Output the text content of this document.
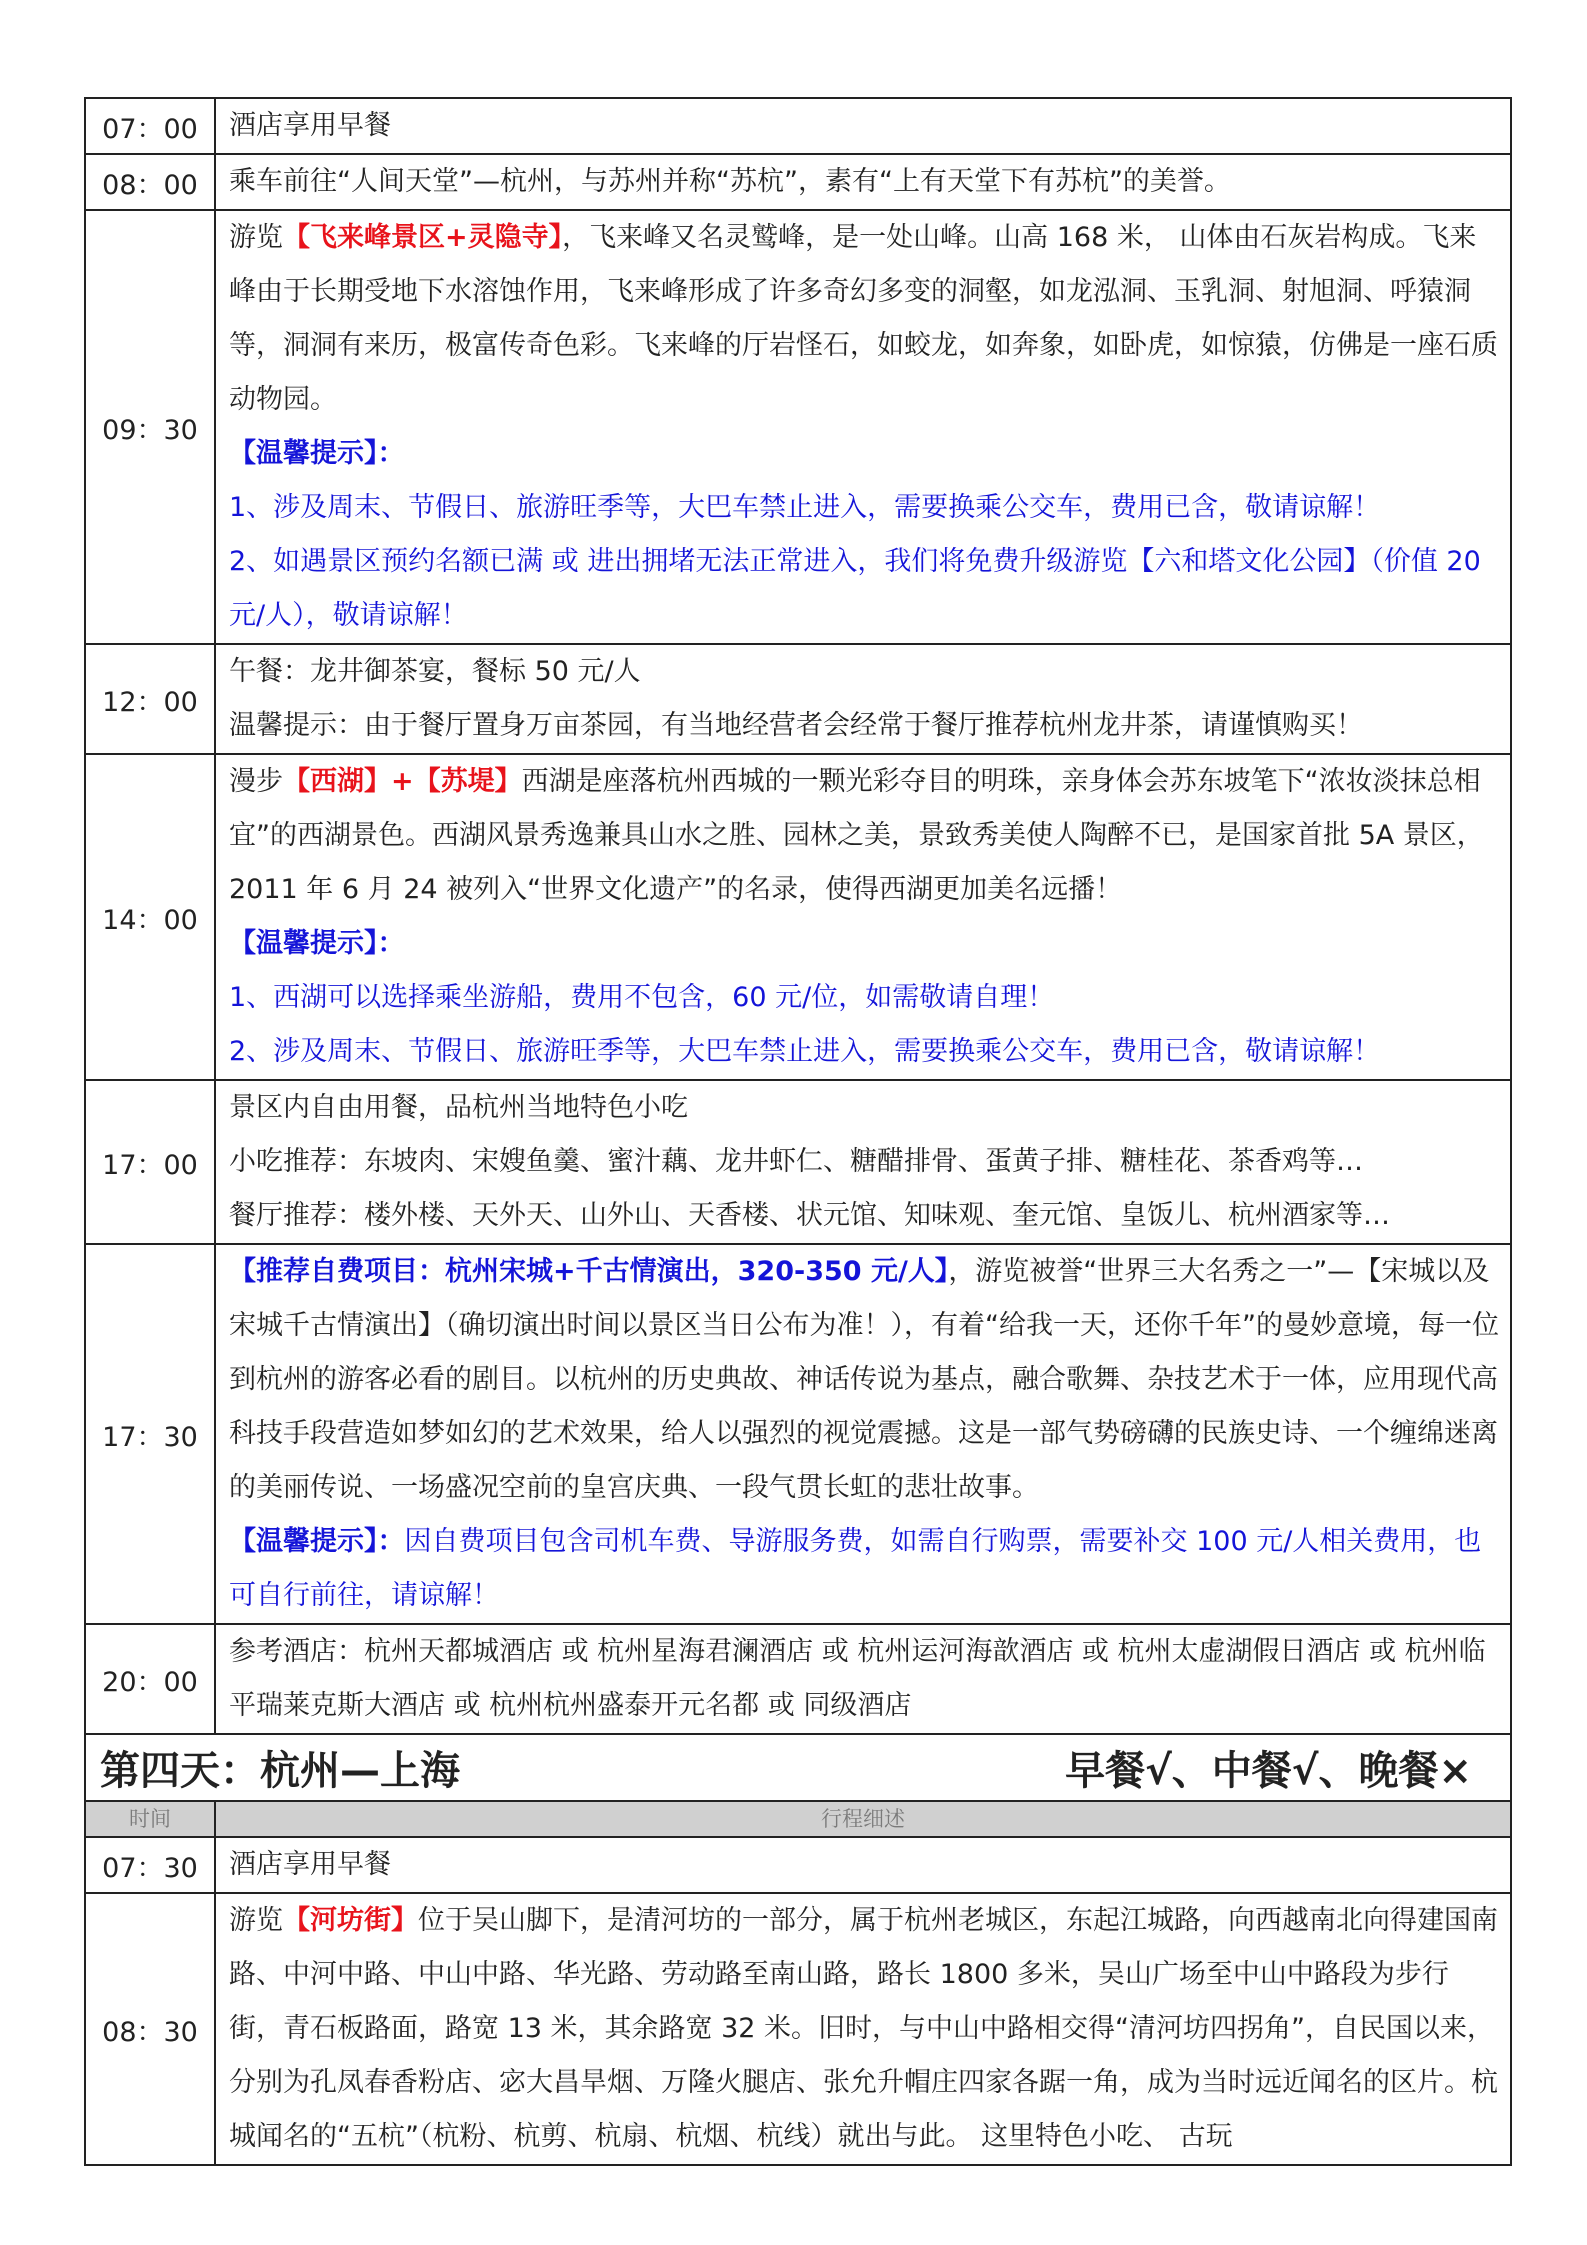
07：00	酒店享用早餐
08：00	乘车前往“人间天堂”—杭州，与苏州并称“苏杭”，素有“上有天堂下有苏杭”的美誉。
09：30	游览【飞来峰景区+灵隐寺】，飞来峰又名灵鹫峰，是一处山峰。山高 168 米， 山体由石灰岩构成。飞来峰由于长期受地下水溶蚀作用，飞来峰形成了许多奇幻多变的洞壑，如龙泓洞、玉乳洞、射旭洞、呼猿洞等，洞洞有来历，极富传奇色彩。飞来峰的厅岩怪石，如蛟龙，如奔象，如卧虎，如惊猿，仿佛是一座石质动物园。

【温馨提示】：

1、涉及周末、节假日、旅游旺季等，大巴车禁止进入，需要换乘公交车，费用已含，敬请谅解！

2、如遇景区预约名额已满 或 进出拥堵无法正常进入，我们将免费升级游览【六和塔文化公园】（价值 20 元/人），敬请谅解！

12：00	午餐：龙井御茶宴，餐标 50 元/人

温馨提示：由于餐厅置身万亩茶园，有当地经营者会经常于餐厅推荐杭州龙井茶，请谨慎购买！

14：00	漫步【西湖】+【苏堤】西湖是座落杭州西城的一颗光彩夺目的明珠，亲身体会苏东坡笔下“浓妆淡抹总相宜”的西湖景色。西湖风景秀逸兼具山水之胜、园林之美，景致秀美使人陶醉不已，是国家首批 5A 景区，2011 年 6 月 24 被列入“世界文化遗产”的名录，使得西湖更加美名远播！

【温馨提示】：

1、西湖可以选择乘坐游船，费用不包含，60 元/位，如需敬请自理！

2、涉及周末、节假日、旅游旺季等，大巴车禁止进入，需要换乘公交车，费用已含，敬请谅解！

17：00	景区内自由用餐，品杭州当地特色小吃

小吃推荐：东坡肉、宋嫂鱼羹、蜜汁藕、龙井虾仁、糖醋排骨、蛋黄子排、糖桂花、茶香鸡等…

餐厅推荐：楼外楼、天外天、山外山、天香楼、状元馆、知味观、奎元馆、皇饭儿、杭州酒家等…

17：30	【推荐自费项目：杭州宋城+千古情演出，320-350 元/人】，游览被誉“世界三大名秀之一”—【宋城以及宋城千古情演出】（确切演出时间以景区当日公布为准！），有着“给我一天，还你千年”的曼妙意境，每一位到杭州的游客必看的剧目。以杭州的历史典故、神话传说为基点，融合歌舞、杂技艺术于一体，应用现代高科技手段营造如梦如幻的艺术效果，给人以强烈的视觉震撼。这是一部气势磅礴的民族史诗、一个缠绵迷离的美丽传说、一场盛况空前的皇宫庆典、一段气贯长虹的悲壮故事。

【温馨提示】：因自费项目包含司机车费、导游服务费，如需自行购票，需要补交 100 元/人相关费用，也可自行前往，请谅解！

20：00	参考酒店：杭州天都城酒店 或 杭州星海君澜酒店 或 杭州运河海歆酒店 或 杭州太虚湖假日酒店 或 杭州临平瑞莱克斯大酒店 或 杭州杭州盛泰开元名都 或 同级酒店
第四天：杭州—上海 早餐√、中餐√、晚餐×	

时间	行程细述
07：30	酒店享用早餐
08：30	游览【河坊街】位于吴山脚下，是清河坊的一部分，属于杭州老城区，东起江城路，向西越南北向得建国南路、中河中路、中山中路、华光路、劳动路至南山路，路长 1800 多米，吴山广场至中山中路段为步行街，青石板路面，路宽 13 米，其余路宽 32 米。旧时，与中山中路相交得“清河坊四拐角”，自民国以来，分别为孔凤春香粉店、宓大昌旱烟、万隆火腿店、张允升帽庄四家各踞一角，成为当时远近闻名的区片。杭城闻名的“五杭”（杭粉、杭剪、杭扇、杭烟、杭线）就出与此。 这里特色小吃、 古玩
